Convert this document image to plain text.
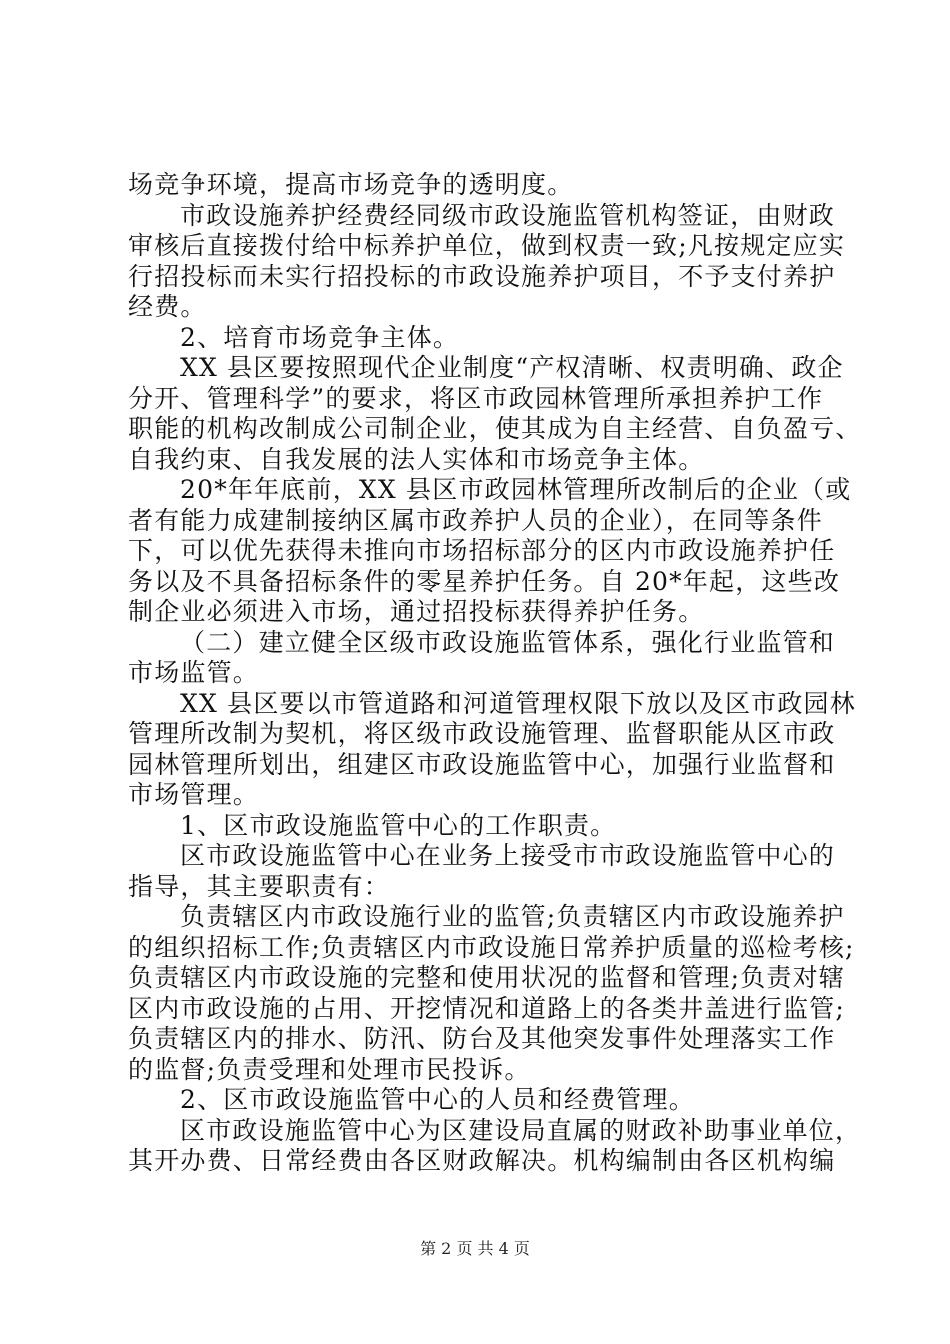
场竞争环境，提高市场竞争的透明度。
市政设施养护经费经同级市政设施监管机构签证，由财政
审核后直接拨付给中标养护单位，做到权责一致;凡按规定应实
行招投标而未实行招投标的市政设施养护项目，不予支付养护
经费。
2、培育市场竞争主体。
XX 县区要按照现代企业制度“产权清晰、权责明确、政企
分开、管理科学”的要求，将区市政园林管理所承担养护工作
职能的机构改制成公司制企业，使其成为自主经营、自负盈亏、
自我约束、自我发展的法人实体和市场竞争主体。
20*年年底前，XX 县区市政园林管理所改制后的企业（或
者有能力成建制接纳区属市政养护人员的企业），在同等条件
下，可以优先获得未推向市场招标部分的区内市政设施养护任
务以及不具备招标条件的零星养护任务。自 20*年起，这些改
制企业必须进入市场，通过招投标获得养护任务。
（二）建立健全区级市政设施监管体系，强化行业监管和
市场监管。
XX 县区要以市管道路和河道管理权限下放以及区市政园林
管理所改制为契机，将区级市政设施管理、监督职能从区市政
园林管理所划出，组建区市政设施监管中心，加强行业监督和
市场管理。
1、区市政设施监管中心的工作职责。
区市政设施监管中心在业务上接受市市政设施监管中心的
指导，其主要职责有：
负责辖区内市政设施行业的监管;负责辖区内市政设施养护
的组织招标工作;负责辖区内市政设施日常养护质量的巡检考核;
负责辖区内市政设施的完整和使用状况的监督和管理;负责对辖
区内市政设施的占用、开挖情况和道路上的各类井盖进行监管;
负责辖区内的排水、防汛、防台及其他突发事件处理落实工作
的监督;负责受理和处理市民投诉。
2、区市政设施监管中心的人员和经费管理。
区市政设施监管中心为区建设局直属的财政补助事业单位，
其开办费、日常经费由各区财政解决。机构编制由各区机构编
第 2 页 共 4 页
